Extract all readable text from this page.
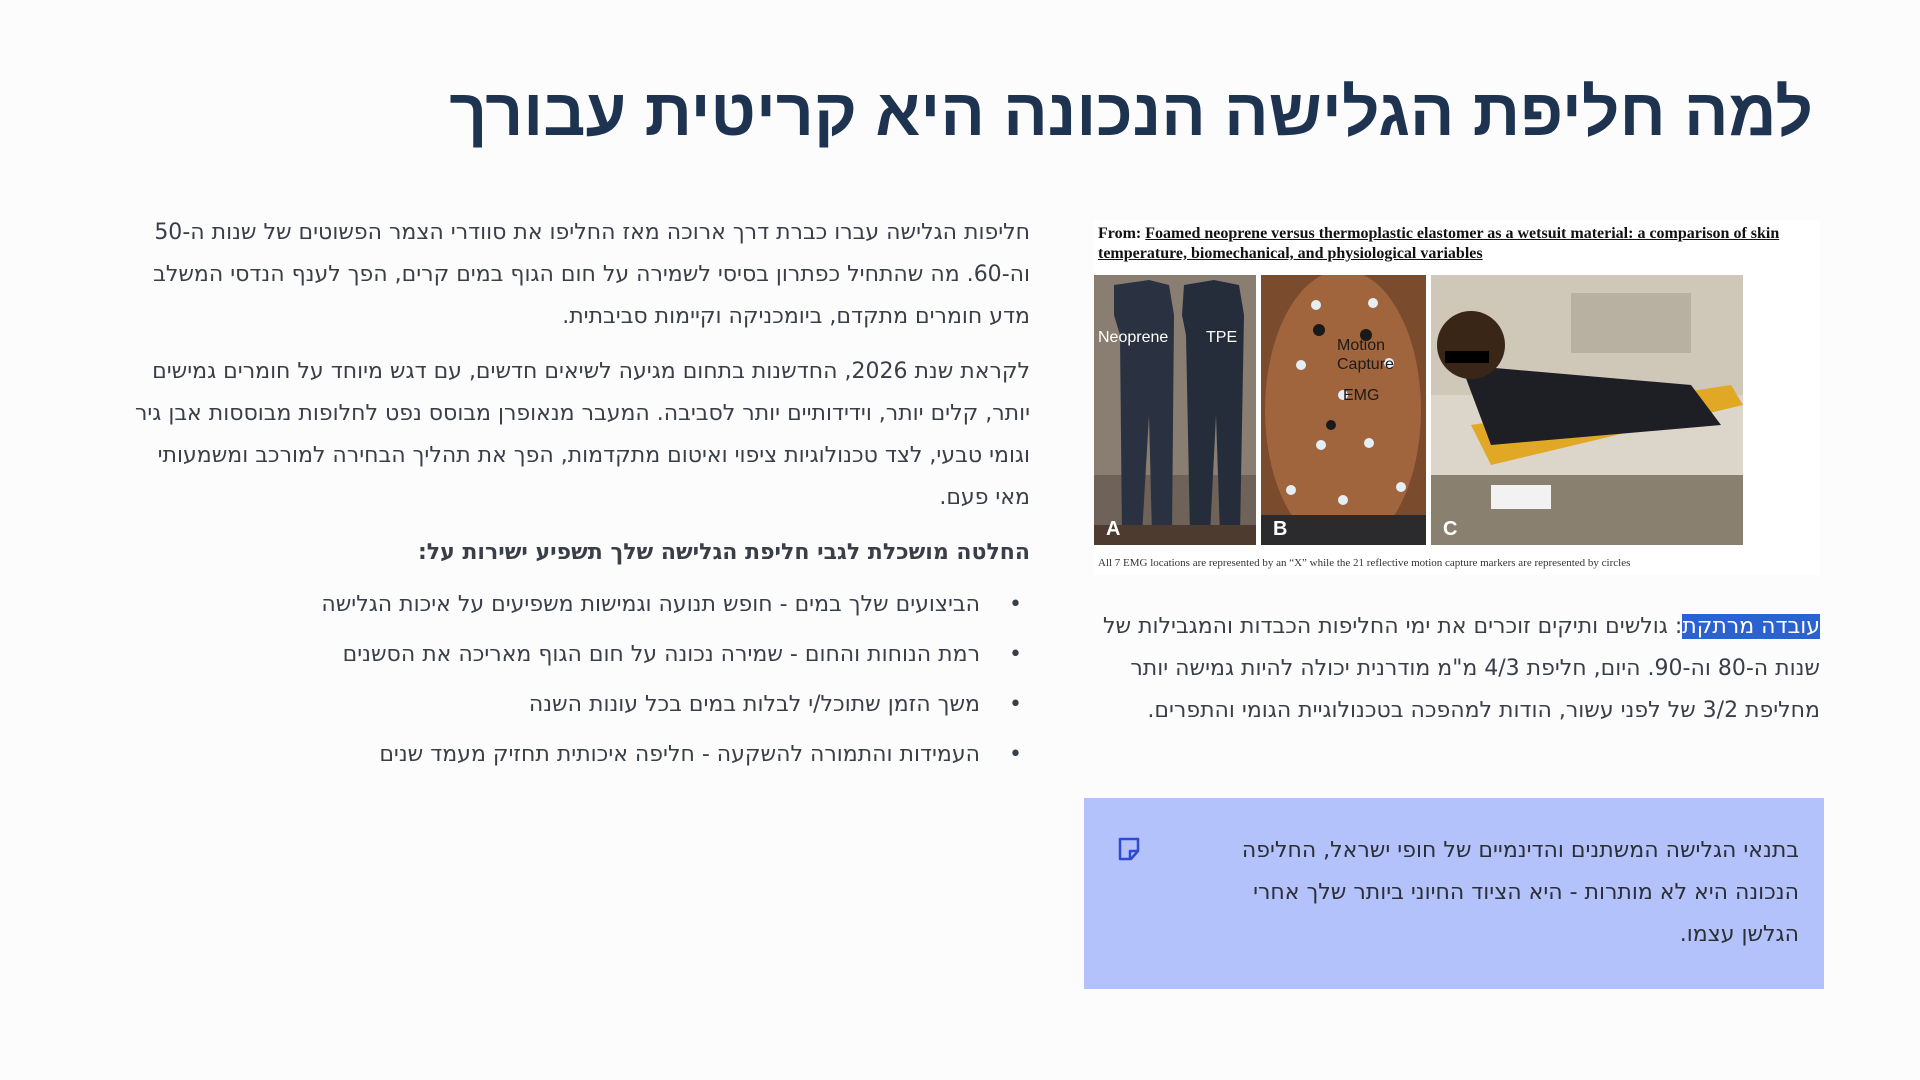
למה חליפת הגלישה הנכונה היא קריטית עבורך

חליפות הגלישה עברו כברת דרך ארוכה מאז החליפו את סוודרי הצמר הפשוטים של שנות ה-50 וה-60. מה שהתחיל כפתרון בסיסי לשמירה על חום הגוף במים קרים, הפך לענף הנדסי המשלב מדע חומרים מתקדם, ביומכניקה וקיימות סביבתית.

לקראת שנת 2026, החדשנות בתחום מגיעה לשיאים חדשים, עם דגש מיוחד על חומרים גמישים יותר, קלים יותר, וידידותיים יותר לסביבה. המעבר מנאופרן מבוסס נפט לחלופות מבוססות אבן גיר וגומי טבעי, לצד טכנולוגיות ציפוי ואיטום מתקדמות, הפך את תהליך הבחירה למורכב ומשמעותי מאי פעם.

החלטה מושכלת לגבי חליפת הגלישה שלך תשפיע ישירות על:

• הביצועים שלך במים - חופש תנועה וגמישות משפיעים על איכות הגלישה
• רמת הנוחות והחום - שמירה נכונה על חום הגוף מאריכה את הסשנים
• משך הזמן שתוכל/י לבלות במים בכל עונות השנה
• העמידות והתמורה להשקעה - חליפה איכותית תחזיק מעמד שנים
From: Foamed neoprene versus thermoplastic elastomer as a wetsuit material: a comparison of skin temperature, biomechanical, and physiological variables
Neoprene TPE
A
Motion
Capture
EMG
B	C
All 7 EMG locations are represented by an “X” while the 21 reflective motion capture markers are represented by circles

עובדה מרתקת: גולשים ותיקים זוכרים את ימי החליפות הכבדות והמגבילות של שנות ה-80 וה-90. היום, חליפת 4/3 מ"מ מודרנית יכולה להיות גמישה יותר מחליפת 3/2 של לפני עשור, הודות למהפכה בטכנולוגיית הגומי והתפרים.

בתנאי הגלישה המשתנים והדינמיים של חופי ישראל, החליפה הנכונה היא לא מותרות - היא הציוד החיוני ביותר שלך אחרי הגלשן עצמו.
